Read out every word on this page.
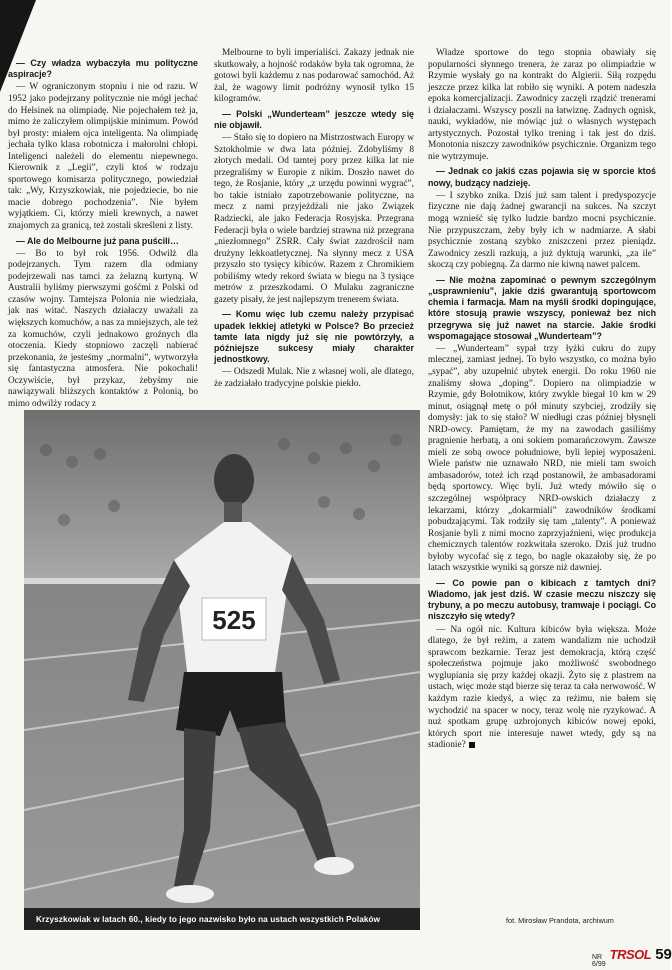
— Czy władza wybaczyła mu polityczne aspiracje?

— W ograniczonym stopniu i nie od razu. W 1952 jako podejrzany politycznie nie mógł jechać do Helsinek na olimpiadę. Nie pojechałem też ja, mimo że zaliczyłem olimpijskie minimum. Powód był prosty: miałem ojca inteligenta. Na olimpiadę jechała tylko klasa robotnicza i małorolni chłopi. Inteligenci należeli do elementu niepewnego. Kierownik z „Legii”, czyli ktoś w rodzaju sportowego komisarza politycznego, powiedział tak: „Wy, Krzyszkowiak, nie pojedziecie, bo nie macie dobrego pochodzenia”. Nie byłem wyjątkiem. Ci, którzy mieli krewnych, a nawet znajomych za granicą, też zostali skreśleni z listy.

— Ale do Melbourne już pana puścili…

— Bo to był rok 1956. Odwilż dla podejrzanych. Tym razem dla odmiany podejrzewali nas tamci za żelazną kurtyną. W Australii byliśmy pierwszymi gośćmi z Polski od czasów wojny. Tamtejsza Polonia nie wiedziała, jak nas witać. Naszych działaczy uważali za większych komuchów, a nas za mniejszych, ale też za komuchów, czyli jednakowo groźnych dla otoczenia. Kiedy stopniowo zaczęli nabierać przekonania, że jesteśmy „normalni”, wytworzyła się fantastyczna atmosfera. Nie pokochali! Oczywiście, był przykaz, żebyśmy nie nawiązywali bliższych kontaktów z Polonią, bo mimo odwilży rodacy z

Melbourne to byli imperialiści. Zakazy jednak nie skutkowały, a hojność rodaków była tak ogromna, że gotowi byli każdemu z nas podarować samochód. Aż żal, że wagowy limit podróżny wynosił tylko 15 kilogramów.

— Polski „Wunderteam” jeszcze wtedy się nie objawił.

— Stało się to dopiero na Mistrzostwach Europy w Sztokholmie w dwa lata później. Zdobyliśmy 8 złotych medali. Od tamtej pory przez kilka lat nie przegraliśmy w Europie z nikim. Doszło nawet do tego, że Rosjanie, który „z urzędu powinni wygrać”, bo takie istniało zapotrzebowanie polityczne, na mecz z nami przyjeżdżali nie jako Związek Radziecki, ale jako Federacja Rosyjska. Przegrana Federacji była o wiele bardziej strawna niż przegrana „niezłomnego” ZSRR. Cały świat zazdrościł nam drużyny lekkoatletycznej. Na słynny mecz z USA przyszło sto tysięcy kibiców. Razem z Chromikiem pobiliśmy wtedy rekord świata w biegu na 3 tysiące metrów z przeszkodami. O Mulaku zagraniczne gazety pisały, że jest najlepszym trenerem świata.

— Komu więc lub czemu należy przypisać upadek lekkiej atletyki w Polsce? Bo przecież tamte lata nigdy już się nie powtórzyły, a późniejsze sukcesy miały charakter jednostkowy.

— Odszedł Mulak. Nie z własnej woli, ale dlatego, że zadziałało tradycyjne polskie piekło.

Władze sportowe do tego stopnia obawiały się popularności słynnego trenera, że zaraz po olimpiadzie w Rzymie wysłały go na kontrakt do Algierii. Siłą rozpędu jeszcze przez kilka lat robiło się wyniki. A potem nadeszła epoka komercjalizacji. Zawodnicy zaczęli rządzić trenerami i działaczami. Wszyscy poszli na łatwiznę. Zadnych ognisk, nauki, wykładów, nie mówiąc już o własnych występach artystycznych. Pozostał tylko trening i tak jest do dziś. Monotonia niszczy zawodników psychicznie. Organizm tego nie wytrzymuje.

— Jednak co jakiś czas pojawia się w sporcie ktoś nowy, budzący nadzieję.

— I szybko znika. Dziś już sam talent i predyspozycje fizyczne nie dają żadnej gwarancji na sukces. Na szczyt mogą wznieść się tylko ludzie bardzo mocni psychicznie. Nie przypuszczam, żeby były ich w nadmiarze. A słabi psychicznie zostaną szybko zniszczeni przez pieniądz. Zawodnicy zeszli razkują, a już dyktują warunki, „za ile” skoczą czy pobiegną. Za darmo nie kiwną nawet palcem.

— Nie można zapominać o pewnym szczególnym „usprawnieniu”, jakie dziś gwarantują sportowcom chemia i farmacja. Mam na myśli środki dopingujące, które stosują prawie wszyscy, ponieważ bez nich przegrywa się już nawet na starcie. Jakie środki wspomagające stosował „Wunderteam”?

— „Wunderteam” sypał trzy łyżki cukru do zupy mlecznej, zamiast jednej. To było wszystko, co można było „sypać”, aby uzupełnić ubytek energii. Do roku 1960 nie znaliśmy słowa „doping”. Dopiero na olimpiadzie w Rzymie, gdy Bołotnikow, który zwykle biegał 10 km w 29 minut, osiągnął metę o pół minuty szybciej, zrodziły się domysły: jak to się stało? W niedługi czas później błysnęli NRD-owcy. Pamiętam, że my na zawodach gasiliśmy pragnienie herbatą, a oni sokiem pomarańczowym. Zawsze mieli ze sobą owoce południowe, byli lepiej wyposażeni. Wiele państw nie uznawało NRD, nie mieli tam swoich ambasadorów, toteż ich rząd postanowił, że ambasadorami będą sportowcy. Więc byli. Już wtedy mówiło się o szczególnej współpracy NRD-owskich działaczy z lekarzami, którzy „dokarmiali” zawodników środkami pobudzającymi. Tak rodziły się tam „talenty”. A ponieważ Rosjanie byli z nimi mocno zaprzyjaźnieni, więc produkcja chemicznych talentów rozkwitała szeroko. Dziś już trudno byłoby wycofać się z tego, bo nagle okazałoby się, że po latach wszystkie wyniki są gorsze niż dawniej.

— Co powie pan o kibicach z tamtych dni? Wiadomo, jak jest dziś. W czasie meczu niszczy się trybuny, a po meczu autobusy, tramwaje i pociągi. Co niszczyło się wtedy?

— Na ogół nic. Kultura kibiców była większa. Może dlatego, że był reżim, a zatem wandalizm nie uchodził sprawcom bezkarnie. Teraz jest demokracja, którą część społeczeństwa pojmuje jako możliwość swobodnego wyglupiania się przy każdej okazji. Żyto się z plastrem na ustach, więc może stąd bierze się teraz ta cała nerwowość. W każdym razie kiedyś, a więc za reżimu, nie bałem się wychodzić na spacer w nocy, teraz wolę nie ryzykować. A nuż spotkam grupę uzbrojonych kibiców nowej epoki, których sport nie interesuje nawet wtedy, gdy są na stadionie?

525
Krzyszkowiak w latach 60., kiedy to jego nazwisko było na ustach wszystkich Polaków	fot. Mirosław Prandota, archiwum
NR 6/99
TRSOL 59
